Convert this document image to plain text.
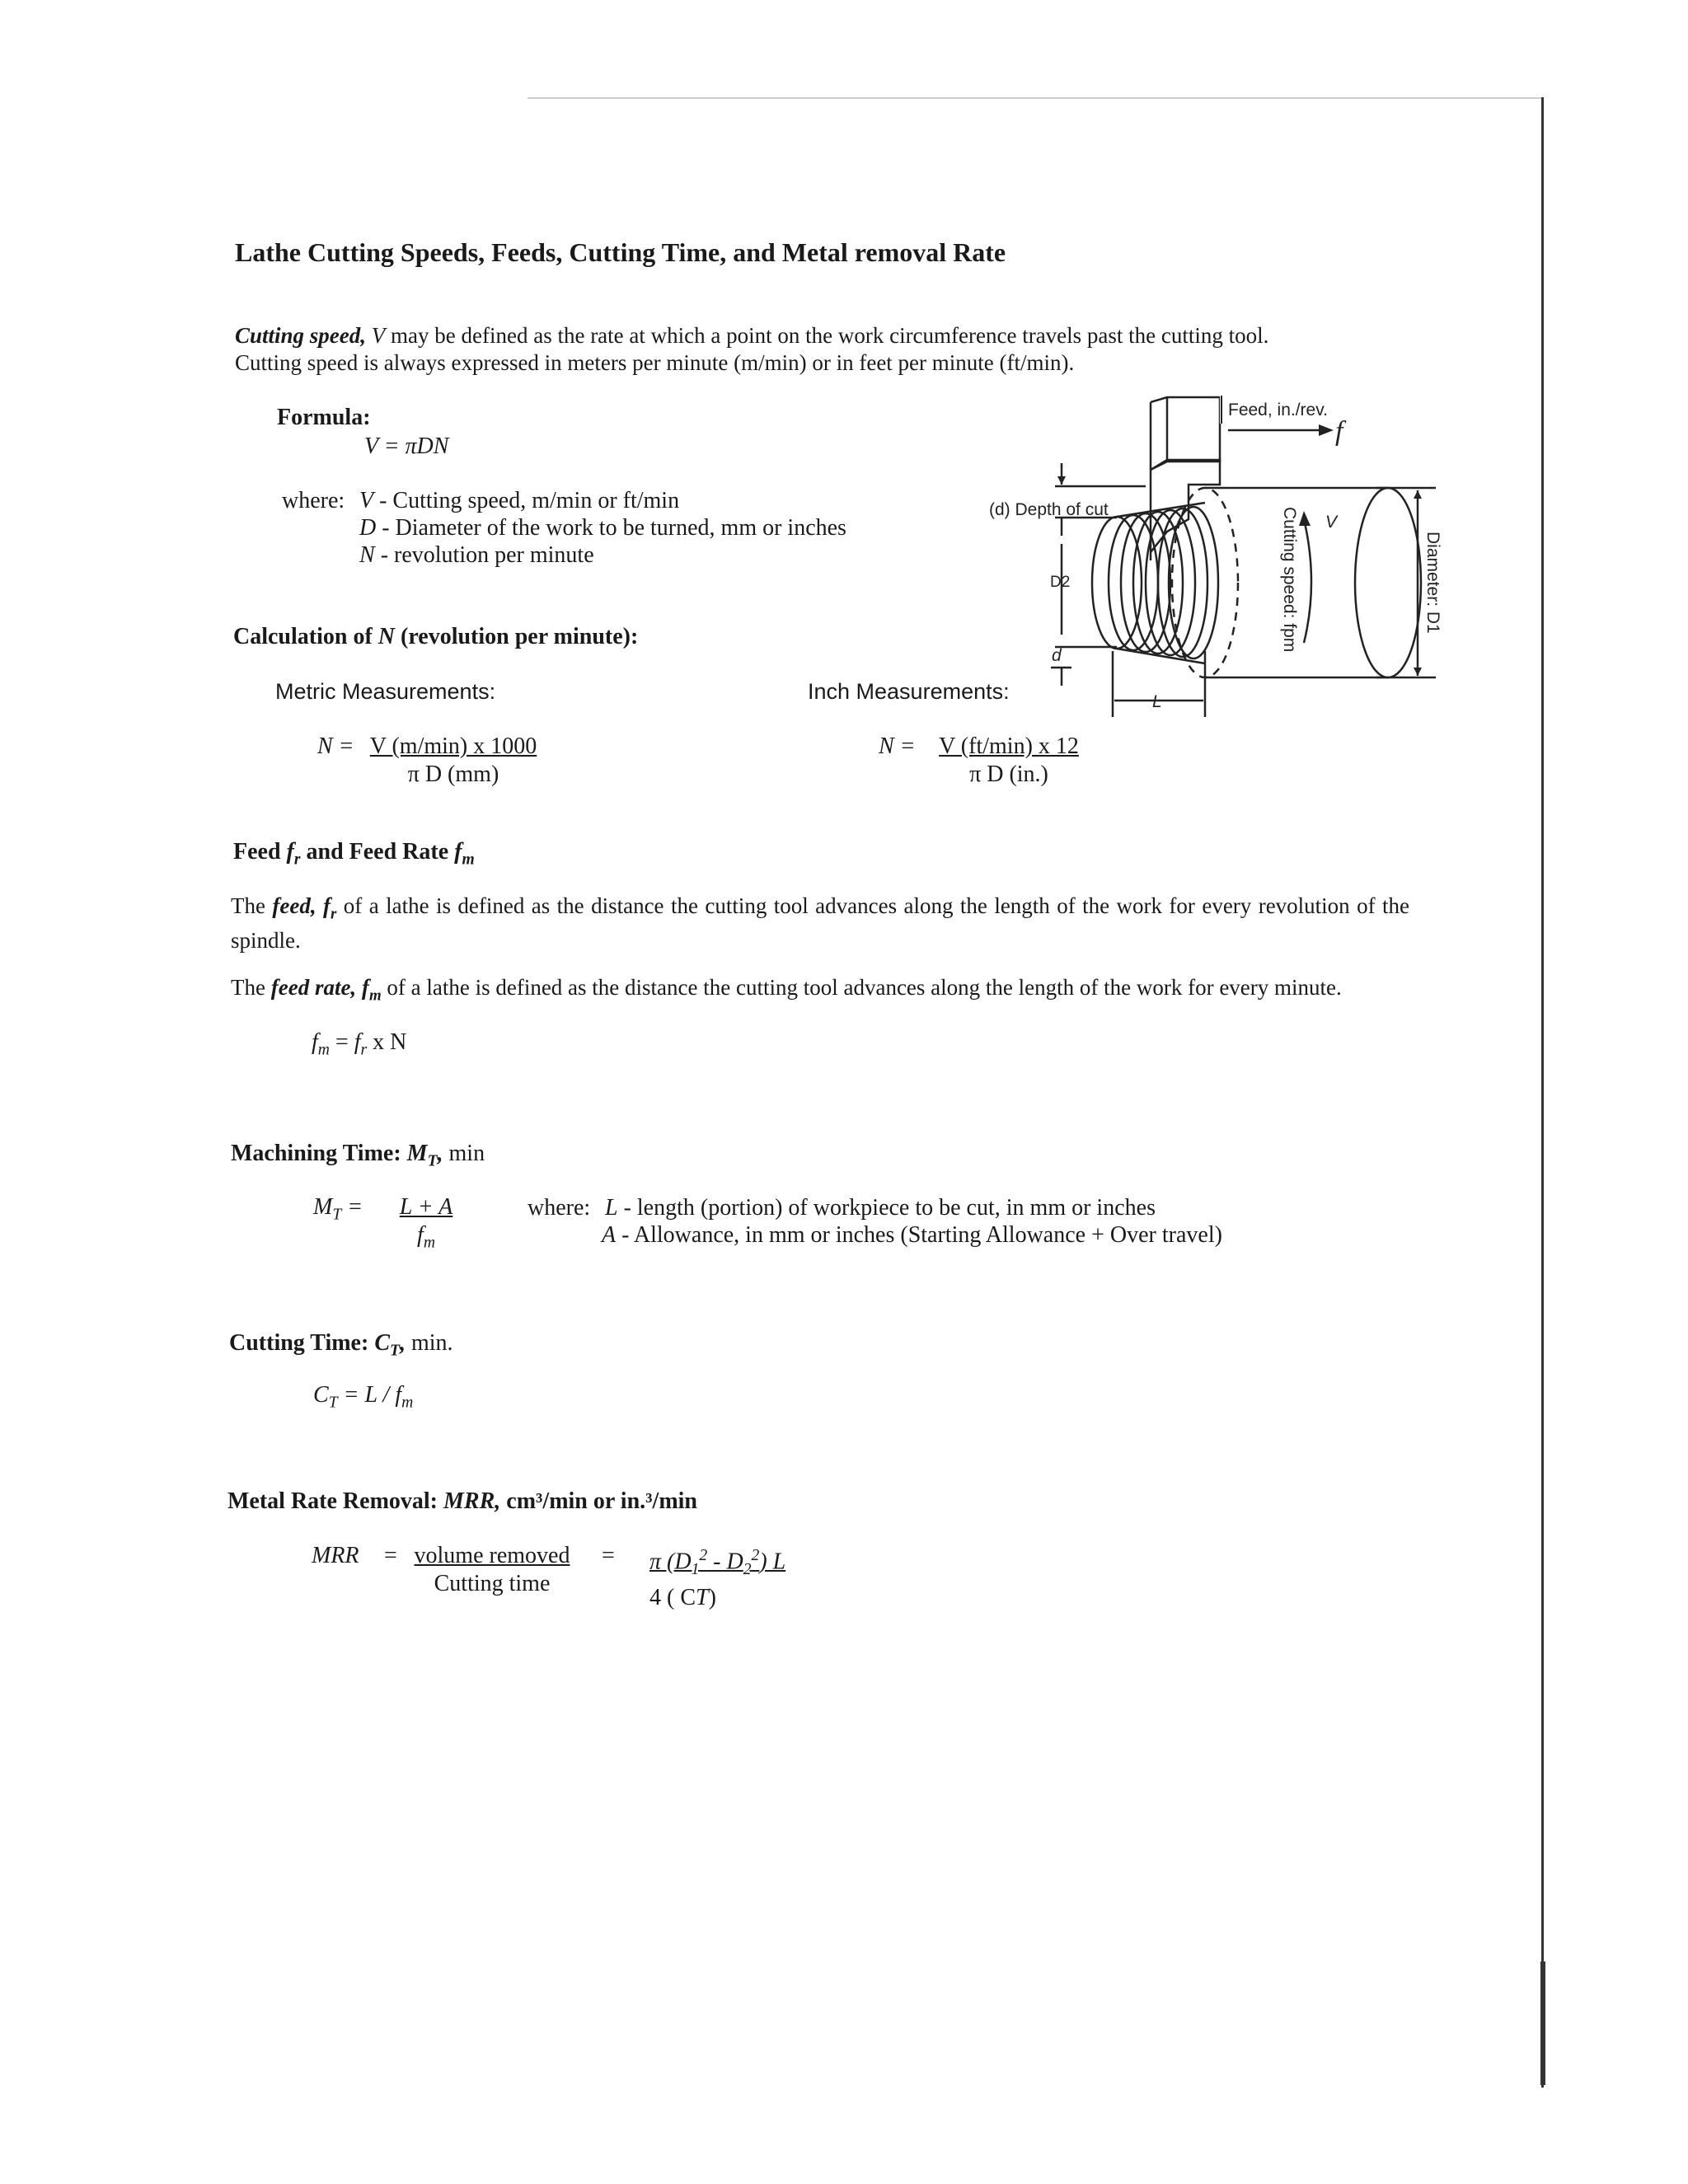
Lathe Cutting Speeds, Feeds, Cutting Time, and Metal removal Rate
Cutting speed, V may be defined as the rate at which a point on the work circumference travels past the cutting tool.
Cutting speed is always expressed in meters per minute (m/min) or in feet per minute (ft/min).
Formula:
V = πDN
where: V - Cutting speed, m/min or ft/min
D - Diameter of the work to be turned, mm or inches
N - revolution per minute
Calculation of N (revolution per minute):
Metric Measurements:	Inch Measurements:
N = V (m/min) x 1000
π D (mm)
N =	V (ft/min) x 12
π D (in.)
Feed, in./rev.
f
(d) Depth of cut
D2
d
L
V
Cutting speed: fpm	Diameter: D1
Feed $f_r$ and Feed Rate $f_m$
The feed, $f_r$ of a lathe is defined as the distance the cutting tool advances along the length of the work for every revolution of the spindle.
The feed rate, $f_m$ of a lathe is defined as the distance the cutting tool advances along the length of the work for every minute.
$f_m = f_r$ x N
Machining Time: $M_T$, min
$M_T = \frac{L + A}{f_m}$ where: L - length (portion) of workpiece to be cut, in mm or inches
A - Allowance, in mm or inches (Starting Allowance + Over travel)
Cutting Time: $C_T$, min.
$C_T = L / f_m$
Metal Rate Removal: MRR, cm³/min or in.³/min
MRR = volume removed
Cutting time
= π $(D_1^2 - D_2^2)$ L
4 ( CT)
